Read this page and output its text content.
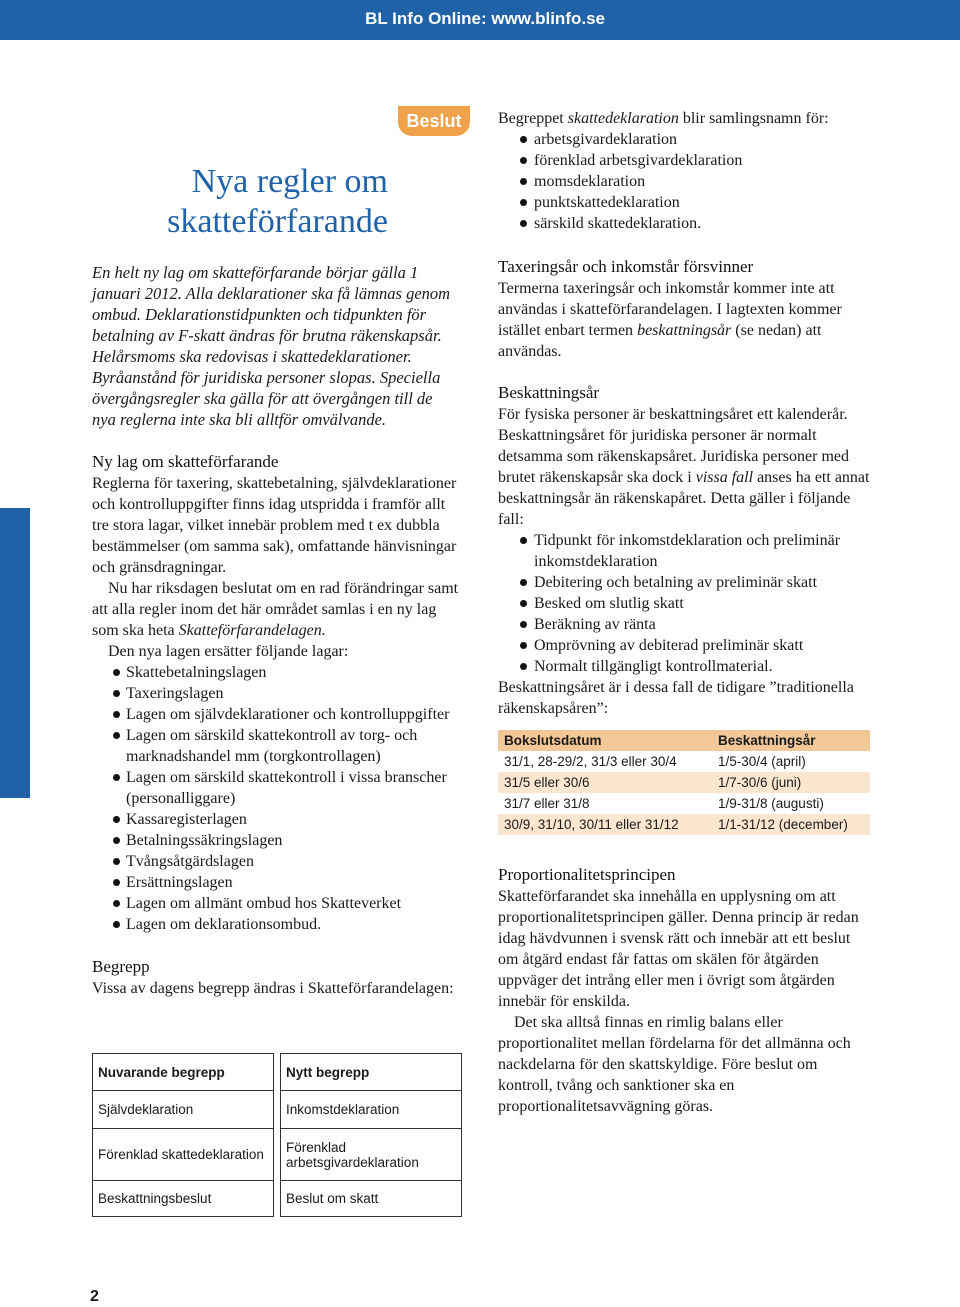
BL Info Online: www.blinfo.se
Beslut
Nya regler om
skatteförfarande

En helt ny lag om skatteförfarande börjar gälla 1 januari 2012. Alla deklarationer ska få lämnas genom ombud. Deklarationstidpunkten och tidpunkten för betalning av F-skatt ändras för brutna räkenskapsår. Helårsmoms ska redovisas i skattedeklarationer. Byråanstånd för juridiska personer slopas. Speciella övergångsregler ska gälla för att övergången till de nya reglerna inte ska bli alltför omvälvande.

Ny lag om skatteförfarande

Reglerna för taxering, skattebetalning, självdeklarationer och kontrolluppgifter finns idag utspridda i framför allt tre stora lagar, vilket innebär problem med t ex dubbla bestämmelser (om samma sak), omfattande hänvisningar och gränsdragningar.

Nu har riksdagen beslutat om en rad förändringar samt att alla regler inom det här området samlas i en ny lag som ska heta Skatteförfarandelagen.

Den nya lagen ersätter följande lagar:

Skattebetalningslagen
Taxeringslagen
Lagen om självdeklarationer och kontrolluppgifter
Lagen om särskild skattekontroll av torg- och marknadshandel mm (torgkontrollagen)
Lagen om särskild skattekontroll i vissa branscher (personalliggare)
Kassaregisterlagen
Betalningssäkringslagen
Tvångsåtgärdslagen
Ersättningslagen
Lagen om allmänt ombud hos Skatteverket
Lagen om deklarationsombud.
Begrepp

Vissa av dagens begrepp ändras i Skatteförfarandelagen:

Nuvarande begrepp		Nytt begrepp
Självdeklaration		Inkomstdeklaration
Förenklad skattedeklaration		Förenklad arbetsgivardeklaration
Beskattningsbeslut		Beslut om skatt

Begreppet skattedeklaration blir samlingsnamn för:

arbetsgivardeklaration
förenklad arbetsgivardeklaration
momsdeklaration
punktskattedeklaration
särskild skattedeklaration.
Taxeringsår och inkomstår försvinner

Termerna taxeringsår och inkomstår kommer inte att användas i skatteförfarandelagen. I lagtexten kommer istället enbart termen beskattningsår (se nedan) att användas.

Beskattningsår

För fysiska personer är beskattningsåret ett kalenderår. Beskattningsåret för juridiska personer är normalt detsamma som räkenskapsåret. Juridiska personer med brutet räkenskapsår ska dock i vissa fall anses ha ett annat beskattningsår än räkenskapåret. Detta gäller i följande fall:

Tidpunkt för inkomstdeklaration och preliminär inkomstdeklaration
Debitering och betalning av preliminär skatt
Besked om slutlig skatt
Beräkning av ränta
Omprövning av debiterad preliminär skatt
Normalt tillgängligt kontrollmaterial.

Beskattningsåret är i dessa fall de tidigare ”traditionella räkenskapsåren”:

Bokslutsdatum	Beskattningsår
31/1, 28-29/2, 31/3 eller 30/4	1/5-30/4 (april)
31/5 eller 30/6	1/7-30/6 (juni)
31/7 eller 31/8	1/9-31/8 (augusti)
30/9, 31/10, 30/11 eller 31/12	1/1-31/12 (december)
Proportionalitetsprincipen

Skatteförfarandet ska innehålla en upplysning om att proportionalitetsprincipen gäller. Denna princip är redan idag hävdvunnen i svensk rätt och innebär att ett beslut om åtgärd endast får fattas om skälen för åtgärden uppväger det intrång eller men i övrigt som åtgärden innebär för enskilda.

Det ska alltså finnas en rimlig balans eller proportionalitet mellan fördelarna för det allmänna och nackdelarna för den skattskyldige. Före beslut om kontroll, tvång och sanktioner ska en proportionalitetsavvägning göras.

2
